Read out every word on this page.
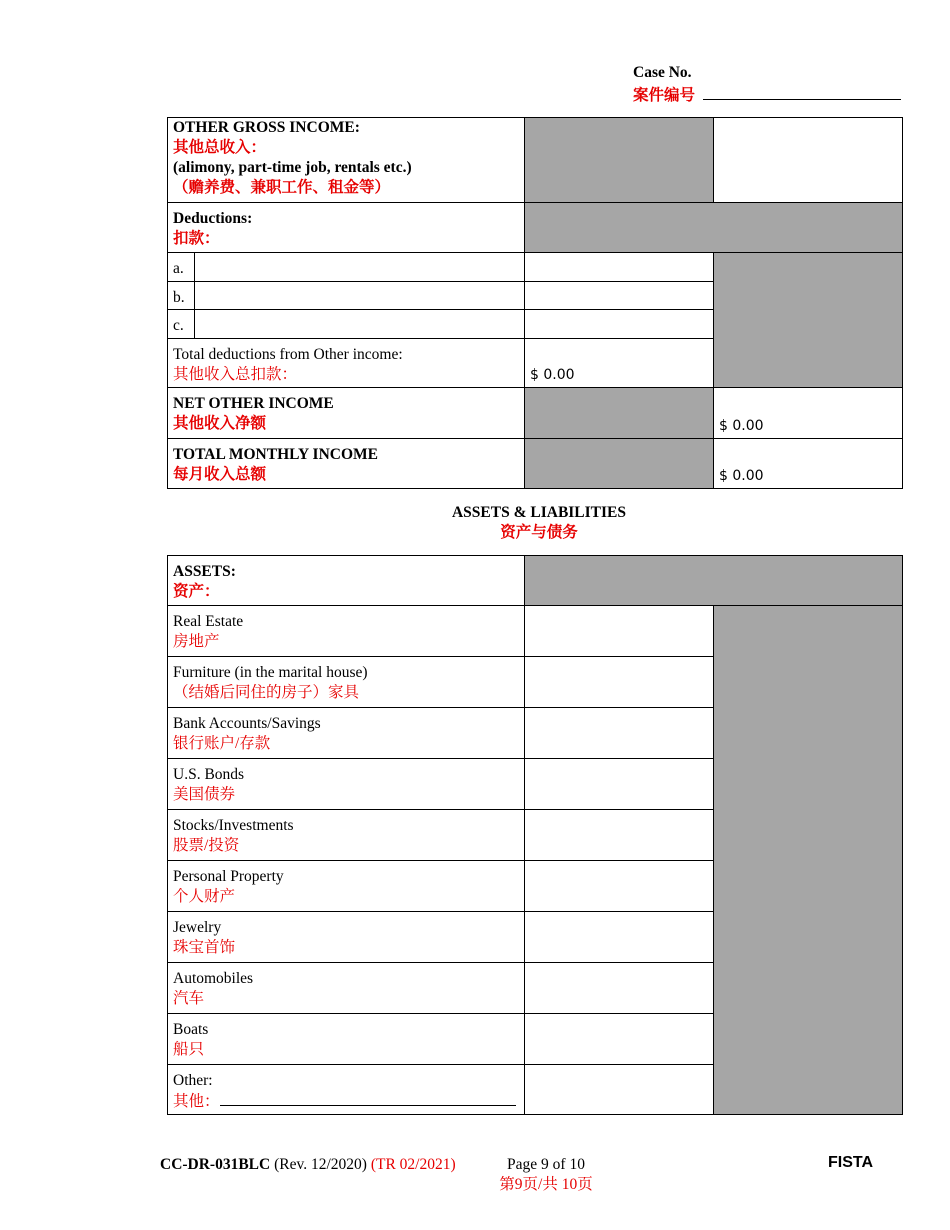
Case No.
案件编号
OTHER GROSS INCOME:
其他总收入：
(alimony, part-time job, rentals etc.)
（赡养费、兼职工作、租金等）			

Deductions:
扣款：			

a.			
b.			
c.			

Total deductions from Other income:
其他收入总扣款：		$ 0.00	

NET OTHER INCOME
其他收入净额			$ 0.00

TOTAL MONTHLY INCOME
每月收入总额			$ 0.00
ASSETS & LIABILITIES
资产与债务
ASSETS:
资产：		

Real Estate
房地产		

Furniture (in the marital house)
（结婚后同住的房子）家具		

Bank Accounts/Savings
银行账户/存款		

U.S. Bonds
美国债券		

Stocks/Investments
股票/投资		

Personal Property
个人财产		

Jewelry
珠宝首饰		

Automobiles
汽车		

Boats
船只		

Other:
其他：		

CC-DR-031BLC (Rev. 12/2020) (TR 02/2021)	Page 9 of 10
第9页/共 10页
FISTA
